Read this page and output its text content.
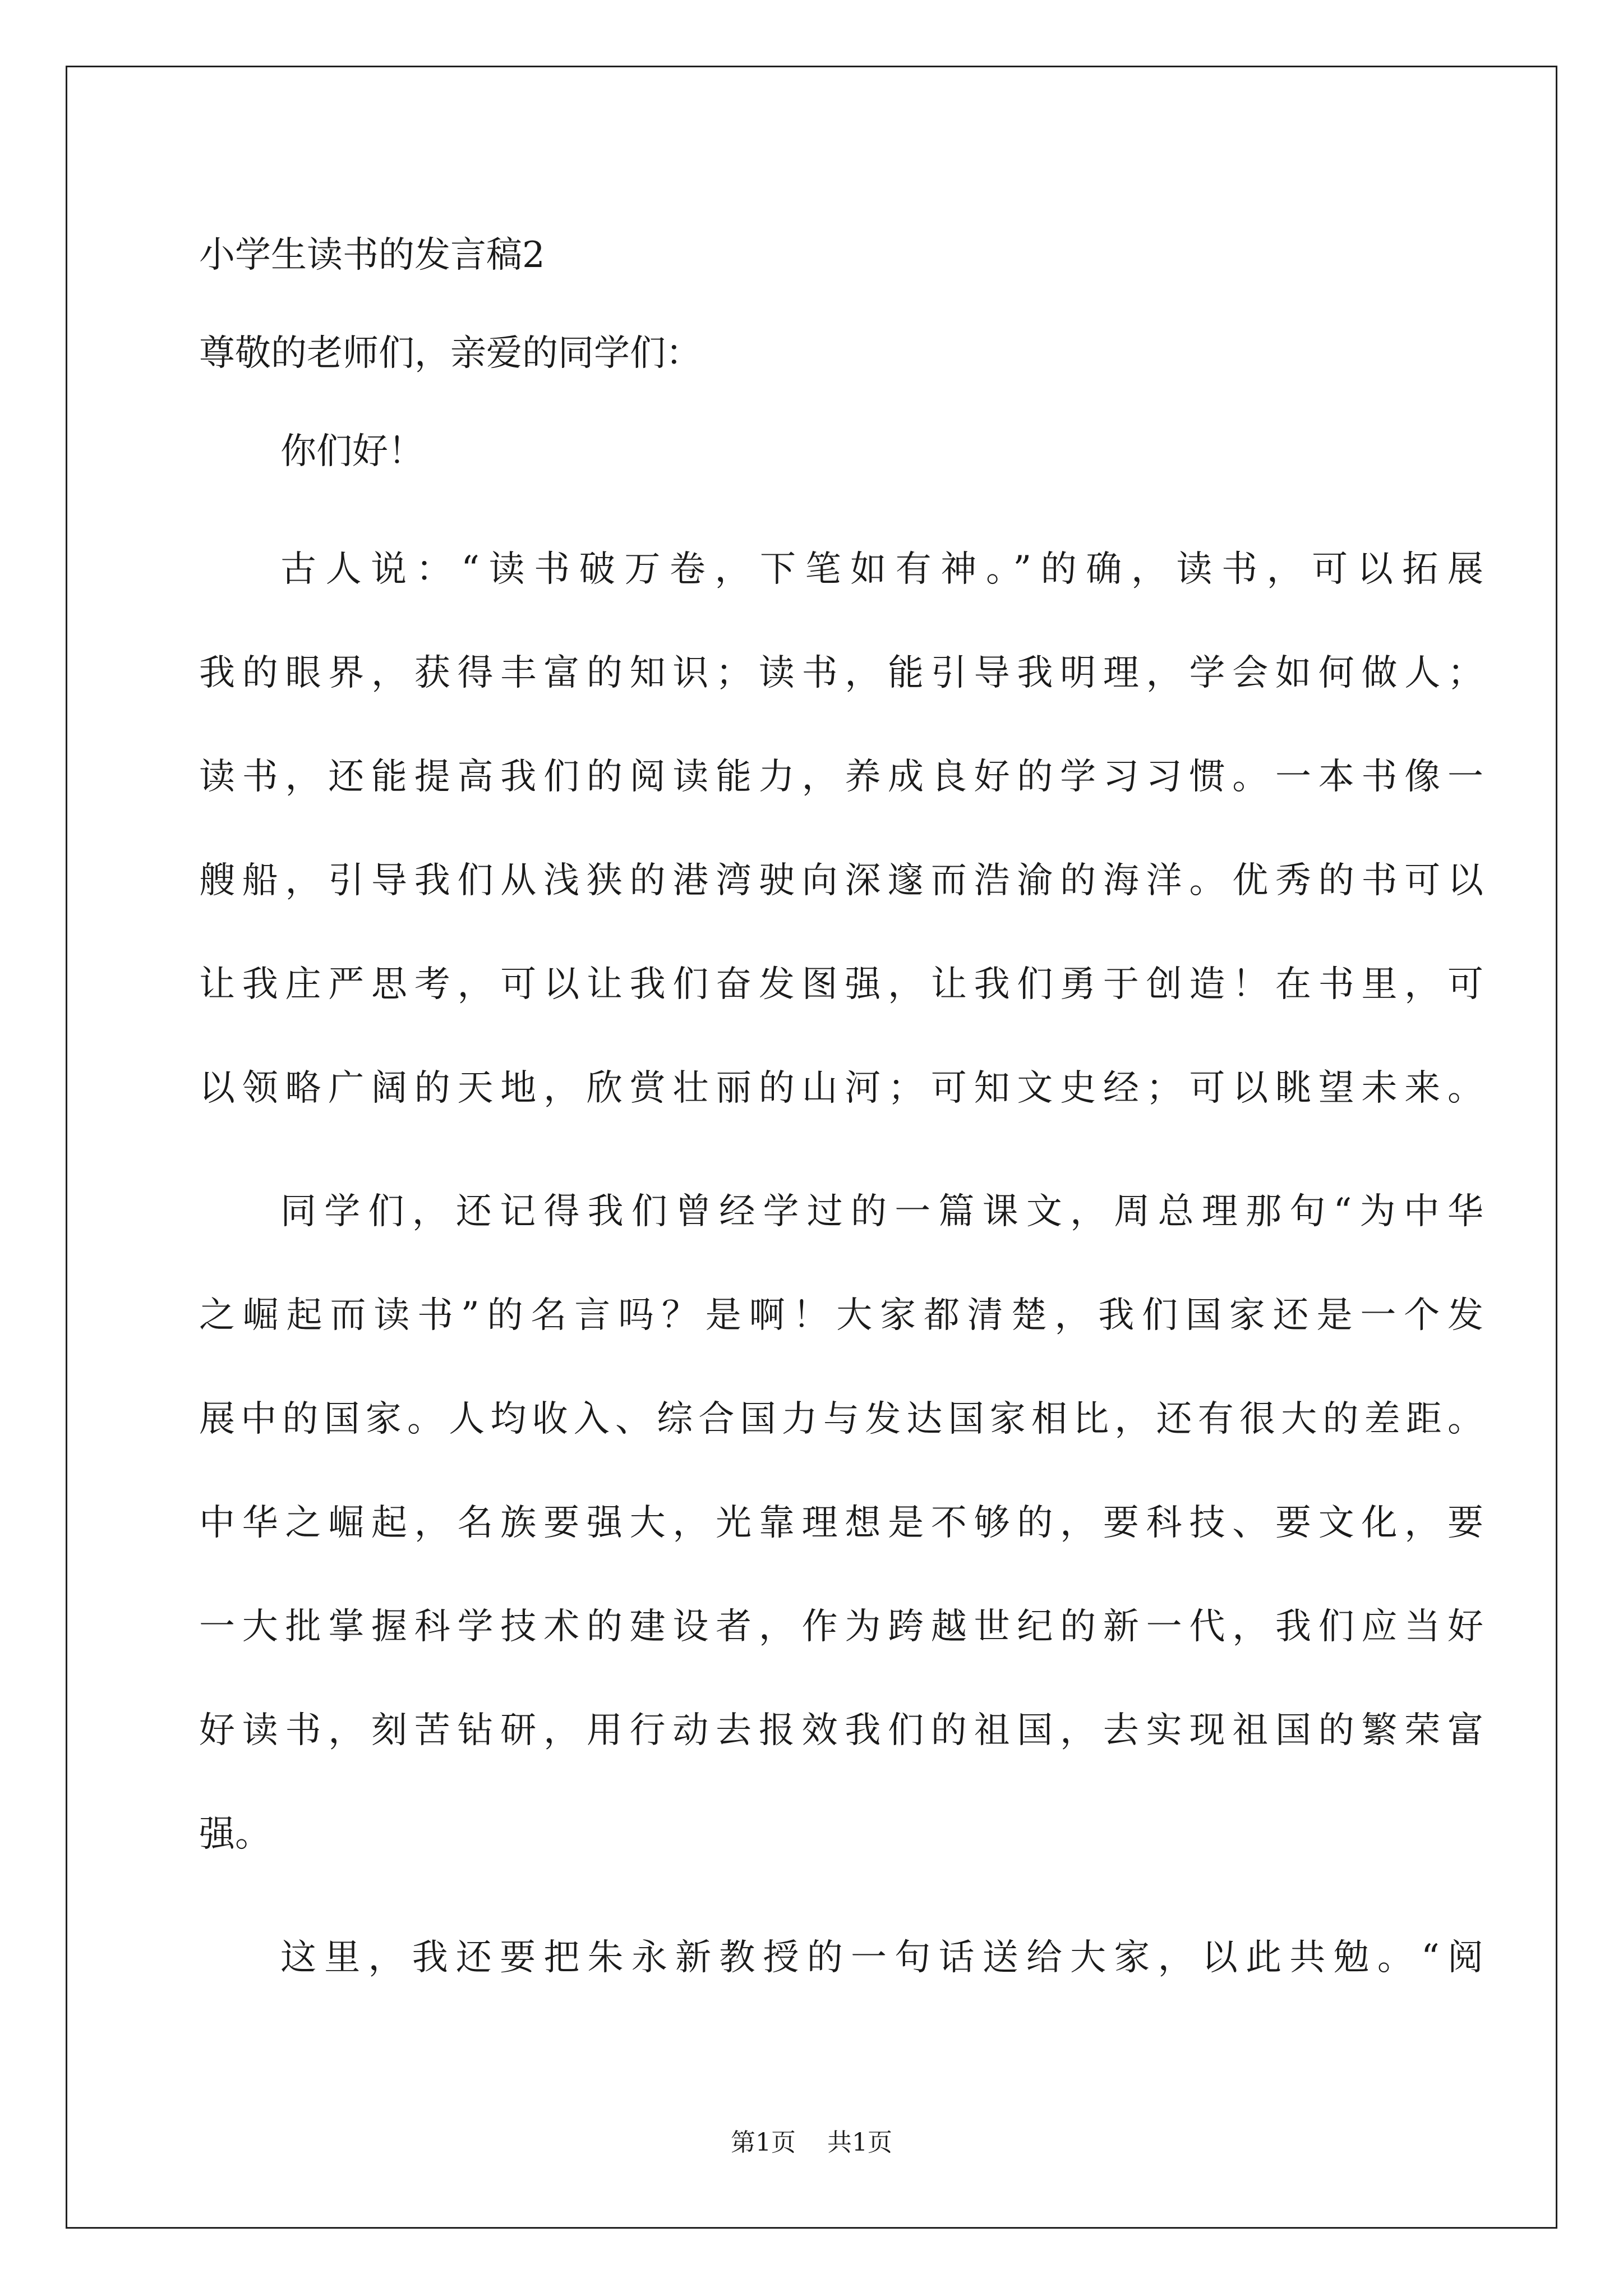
小学生读书的发言稿2

尊敬的老师们，亲爱的同学们：

你们好！

古人说：“读书破万卷，下笔如有神。”的确，读书，可以拓展

我的眼界，获得丰富的知识；读书，能引导我明理，学会如何做人；

读书，还能提高我们的阅读能力，养成良好的学习习惯。一本书像一

艘船，引导我们从浅狭的港湾驶向深邃而浩渝的海洋。优秀的书可以

让我庄严思考，可以让我们奋发图强，让我们勇于创造！在书里，可

以领略广阔的天地，欣赏壮丽的山河；可知文史经；可以眺望未来。

同学们，还记得我们曾经学过的一篇课文，周总理那句“为中华

之崛起而读书”的名言吗？是啊！大家都清楚，我们国家还是一个发

展中的国家。人均收入、综合国力与发达国家相比，还有很大的差距。

中华之崛起，名族要强大，光靠理想是不够的，要科技、要文化，要

一大批掌握科学技术的建设者，作为跨越世纪的新一代，我们应当好

好读书，刻苦钻研，用行动去报效我们的祖国，去实现祖国的繁荣富

强。

这里，我还要把朱永新教授的一句话送给大家，以此共勉。“阅

第1页 共1页
